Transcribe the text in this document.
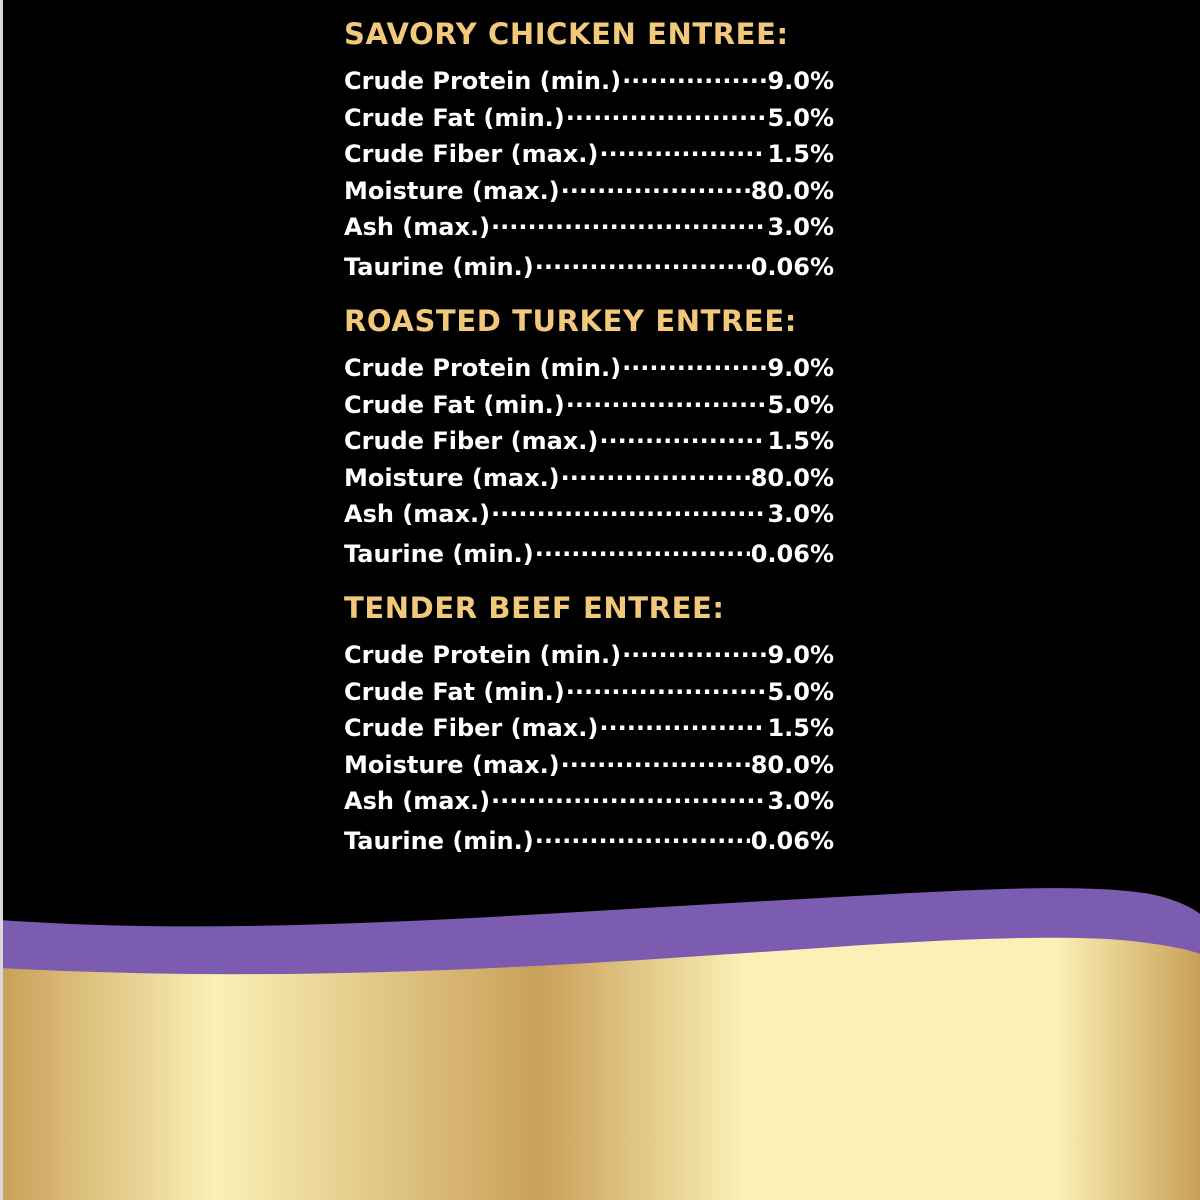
SAVORY CHICKEN ENTREE:
Crude Protein (min.) .....	9.0%
Crude Fat (min.) .....	5.0%
Crude Fiber (max.) .....	1.5%
Moisture (max.) .....	80.0%
Ash (max.) .....	3.0%
Taurine (min.) .....	0.06%
ROASTED TURKEY ENTREE:
Crude Protein (min.) .....	9.0%
Crude Fat (min.) .....	5.0%
Crude Fiber (max.) .....	1.5%
Moisture (max.) .....	80.0%
Ash (max.) .....	3.0%
Taurine (min.) .....	0.06%
TENDER BEEF ENTREE:
Crude Protein (min.) .....	9.0%
Crude Fat (min.) .....	5.0%
Crude Fiber (max.) .....	1.5%
Moisture (max.) .....	80.0%
Ash (max.) .....	3.0%
Taurine (min.) .....	0.06%
